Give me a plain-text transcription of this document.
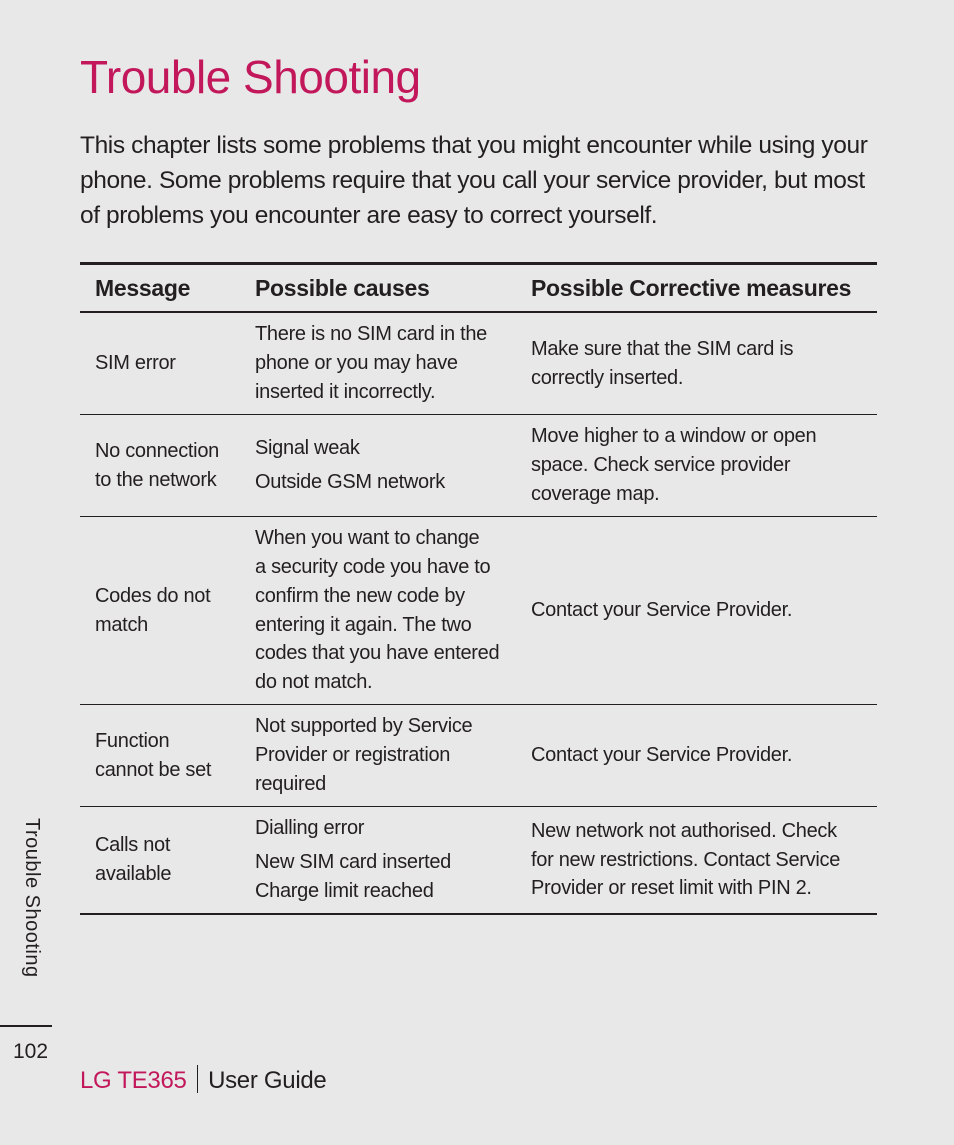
Trouble Shooting
This chapter lists some problems that you might encounter while using your phone. Some problems require that you call your service provider, but most of problems you encounter are easy to correct yourself.
Message	Possible causes	Possible Corrective measures
SIM error
There is no SIM card in the
phone or you may have
inserted it incorrectly.
Make sure that the SIM card is
correctly inserted.
No connection
to the network
Signal weak
Outside GSM network
Move higher to a window or open
space. Check service provider
coverage map.
Codes do not
match
When you want to change
a security code you have to
confirm the new code by
entering it again. The two
codes that you have entered
do not match.
Contact your Service Provider.
Function
cannot be set
Not supported by Service
Provider or registration
required
Contact your Service Provider.
Calls not
available
Dialling error
New SIM card inserted
Charge limit reached
New network not authorised. Check
for new restrictions. Contact Service
Provider or reset limit with PIN 2.
Trouble Shooting
102
LG TE365 User Guide
